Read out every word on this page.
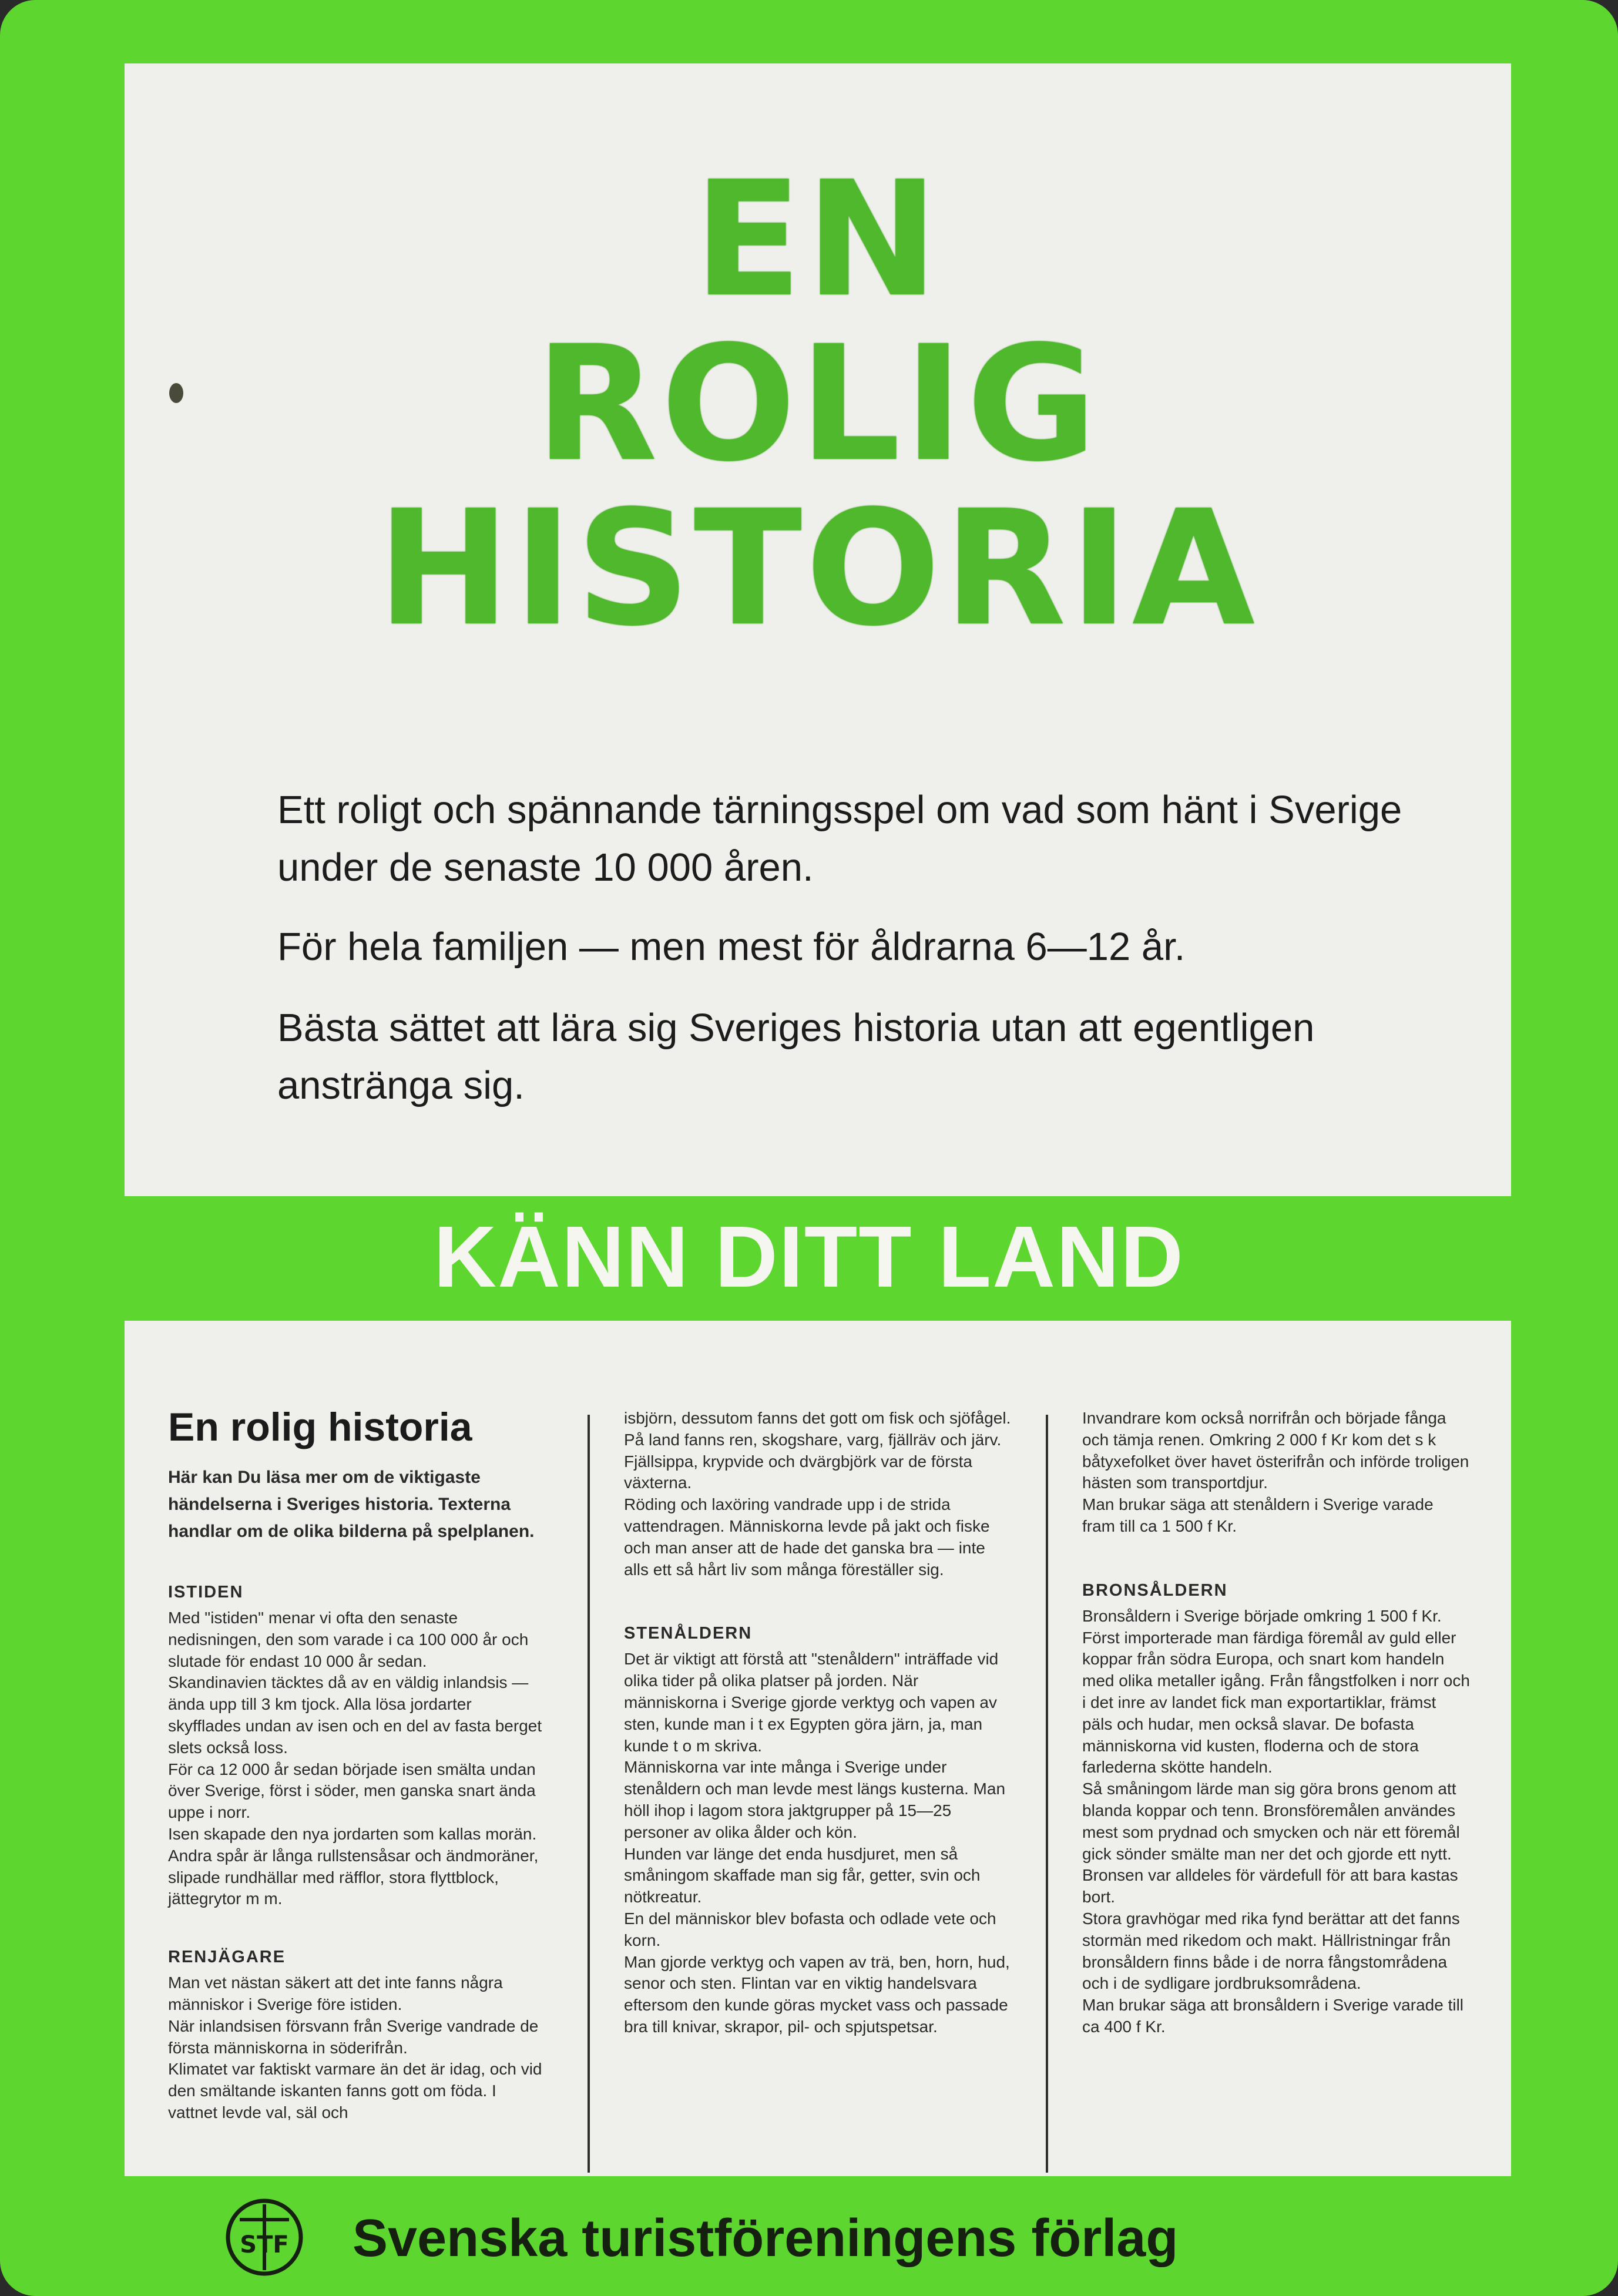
EN
ROLIG
HISTORIA

Ett roligt och spännande tärningsspel om vad som hänt i Sverige under de senaste 10 000 åren.

För hela familjen — men mest för åldrarna 6—12 år.

Bästa sättet att lära sig Sveriges historia utan att egentligen anstränga sig.

KÄNN DITT LAND
En rolig historia

Här kan Du läsa mer om de viktigaste händelserna i Sveriges historia. Texterna handlar om de olika bilderna på spelplanen.

ISTIDEN

Med "istiden" menar vi ofta den senaste nedisningen, den som varade i ca 100 000 år och slutade för endast 10 000 år sedan.
Skandinavien täcktes då av en väldig inlandsis — ända upp till 3 km tjock. Alla lösa jordarter skyfflades undan av isen och en del av fasta berget slets också loss.
För ca 12 000 år sedan började isen smälta undan över Sverige, först i söder, men ganska snart ända uppe i norr.
Isen skapade den nya jordarten som kallas morän. Andra spår är långa rullstensåsar och ändmoräner, slipade rundhällar med räfflor, stora flyttblock, jättegrytor m m.

RENJÄGARE

Man vet nästan säkert att det inte fanns några människor i Sverige före istiden.
När inlandsisen försvann från Sverige vandrade de första människorna in söderifrån.
Klimatet var faktiskt varmare än det är idag, och vid den smältande iskanten fanns gott om föda. I vattnet levde val, säl och

isbjörn, dessutom fanns det gott om fisk och sjöfågel. På land fanns ren, skogshare, varg, fjällräv och järv. Fjällsippa, krypvide och dvärgbjörk var de första växterna.
Röding och laxöring vandrade upp i de strida vattendragen. Människorna levde på jakt och fiske och man anser att de hade det ganska bra — inte alls ett så hårt liv som många föreställer sig.

STENÅLDERN

Det är viktigt att förstå att "stenåldern" inträffade vid olika tider på olika platser på jorden. När människorna i Sverige gjorde verktyg och vapen av sten, kunde man i t ex Egypten göra järn, ja, man kunde t o m skriva.
Människorna var inte många i Sverige under stenåldern och man levde mest längs kusterna. Man höll ihop i lagom stora jaktgrupper på 15—25 personer av olika ålder och kön.
Hunden var länge det enda husdjuret, men så småningom skaffade man sig får, getter, svin och nötkreatur.
En del människor blev bofasta och odlade vete och korn.
Man gjorde verktyg och vapen av trä, ben, horn, hud, senor och sten. Flintan var en viktig handelsvara eftersom den kunde göras mycket vass och passade bra till knivar, skrapor, pil- och spjutspetsar.

Invandrare kom också norrifrån och började fånga och tämja renen. Omkring 2 000 f Kr kom det s k båtyxefolket över havet österifrån och införde troligen hästen som transportdjur.
Man brukar säga att stenåldern i Sverige varade fram till ca 1 500 f Kr.

BRONSÅLDERN

Bronsåldern i Sverige började omkring 1 500 f Kr.
Först importerade man färdiga föremål av guld eller koppar från södra Europa, och snart kom handeln med olika metaller igång. Från fångstfolken i norr och i det inre av landet fick man exportartiklar, främst päls och hudar, men också slavar. De bofasta människorna vid kusten, floderna och de stora farlederna skötte handeln.
Så småningom lärde man sig göra brons genom att blanda koppar och tenn. Bronsföremålen användes mest som prydnad och smycken och när ett föremål gick sönder smälte man ner det och gjorde ett nytt. Bronsen var alldeles för värdefull för att bara kastas bort.
Stora gravhögar med rika fynd berättar att det fanns stormän med rikedom och makt. Hällristningar från bronsåldern finns både i de norra fångstområdena och i de sydligare jordbruksområdena.
Man brukar säga att bronsåldern i Sverige varade till ca 400 f Kr.

STF Svenska turistföreningens förlag
